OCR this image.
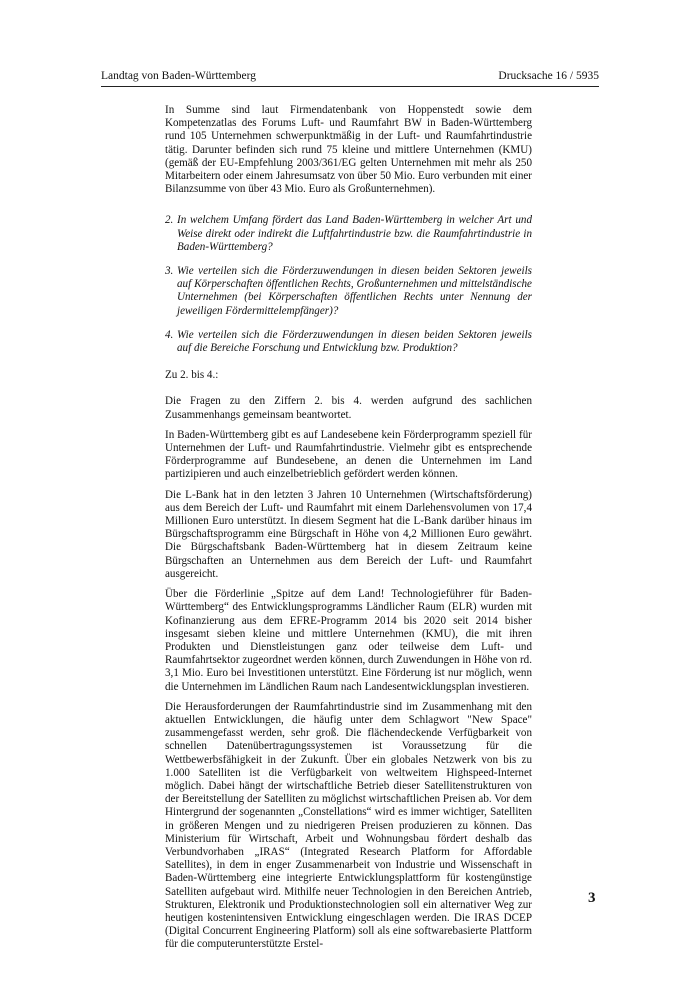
Landtag von Baden-Württemberg	Drucksache 16 / 5935

In Summe sind laut Firmendatenbank von Hoppenstedt sowie dem Kompetenzatlas des Forums Luft- und Raumfahrt BW in Baden-Württemberg rund 105 Unternehmen schwerpunktmäßig in der Luft- und Raumfahrtindustrie tätig. Darunter befinden sich rund 75 kleine und mittlere Unternehmen (KMU) (gemäß der EU-Empfehlung 2003/361/EG gelten Unternehmen mit mehr als 250 Mitarbeitern oder einem Jahresumsatz von über 50 Mio. Euro verbunden mit einer Bilanzsumme von über 43 Mio. Euro als Großunternehmen).

2. In welchem Umfang fördert das Land Baden-Württemberg in welcher Art und Weise direkt oder indirekt die Luftfahrtindustrie bzw. die Raumfahrtindustrie in Baden-Württemberg?
3. Wie verteilen sich die Förderzuwendungen in diesen beiden Sektoren jeweils auf Körperschaften öffentlichen Rechts, Großunternehmen und mittelständische Unternehmen (bei Körperschaften öffentlichen Rechts unter Nennung der jeweiligen Fördermittelempfänger)?
4. Wie verteilen sich die Förderzuwendungen in diesen beiden Sektoren jeweils auf die Bereiche Forschung und Entwicklung bzw. Produktion?

Zu 2. bis 4.:

Die Fragen zu den Ziffern 2. bis 4. werden aufgrund des sachlichen Zusammenhangs gemeinsam beantwortet.

In Baden-Württemberg gibt es auf Landesebene kein Förderprogramm speziell für Unternehmen der Luft- und Raumfahrtindustrie. Vielmehr gibt es entsprechende Förderprogramme auf Bundesebene, an denen die Unternehmen im Land partizipieren und auch einzelbetrieblich gefördert werden können.

Die L-Bank hat in den letzten 3 Jahren 10 Unternehmen (Wirtschaftsförderung) aus dem Bereich der Luft- und Raumfahrt mit einem Darlehensvolumen von 17,4 Millionen Euro unterstützt. In diesem Segment hat die L-Bank darüber hinaus im Bürgschaftsprogramm eine Bürgschaft in Höhe von 4,2 Millionen Euro gewährt. Die Bürgschaftsbank Baden-Württemberg hat in diesem Zeitraum keine Bürgschaften an Unternehmen aus dem Bereich der Luft- und Raumfahrt ausgereicht.

Über die Förderlinie „Spitze auf dem Land! Technologieführer für Baden-Württemberg“ des Entwicklungsprogramms Ländlicher Raum (ELR) wurden mit Kofinanzierung aus dem EFRE-Programm 2014 bis 2020 seit 2014 bisher insgesamt sieben kleine und mittlere Unternehmen (KMU), die mit ihren Produkten und Dienstleistungen ganz oder teilweise dem Luft- und Raumfahrtsektor zugeordnet werden können, durch Zuwendungen in Höhe von rd. 3,1 Mio. Euro bei Investitionen unterstützt. Eine Förderung ist nur möglich, wenn die Unternehmen im Ländlichen Raum nach Landesentwicklungsplan investieren.

Die Herausforderungen der Raumfahrtindustrie sind im Zusammenhang mit den aktuellen Entwicklungen, die häufig unter dem Schlagwort "New Space" zusammengefasst werden, sehr groß. Die flächendeckende Verfügbarkeit von schnellen Datenübertragungssystemen ist Voraussetzung für die Wettbewerbsfähigkeit in der Zukunft. Über ein globales Netzwerk von bis zu 1.000 Satelliten ist die Verfügbarkeit von weltweitem Highspeed-Internet möglich. Dabei hängt der wirtschaftliche Betrieb dieser Satellitenstrukturen von der Bereitstellung der Satelliten zu möglichst wirtschaftlichen Preisen ab. Vor dem Hintergrund der sogenannten „Constellations“ wird es immer wichtiger, Satelliten in größeren Mengen und zu niedrigeren Preisen produzieren zu können. Das Ministerium für Wirtschaft, Arbeit und Wohnungsbau fördert deshalb das Verbundvorhaben „IRAS“ (Integrated Research Platform for Affordable Satellites), in dem in enger Zusammenarbeit von Industrie und Wissenschaft in Baden-Württemberg eine integrierte Entwicklungsplattform für kostengünstige Satelliten aufgebaut wird. Mithilfe neuer Technologien in den Bereichen Antrieb, Strukturen, Elektronik und Produktionstechnologien soll ein alternativer Weg zur heutigen kostenintensiven Entwicklung eingeschlagen werden. Die IRAS DCEP (Digital Concurrent Engineering Platform) soll als eine softwarebasierte Plattform für die computerunterstützte Erstel-

3
